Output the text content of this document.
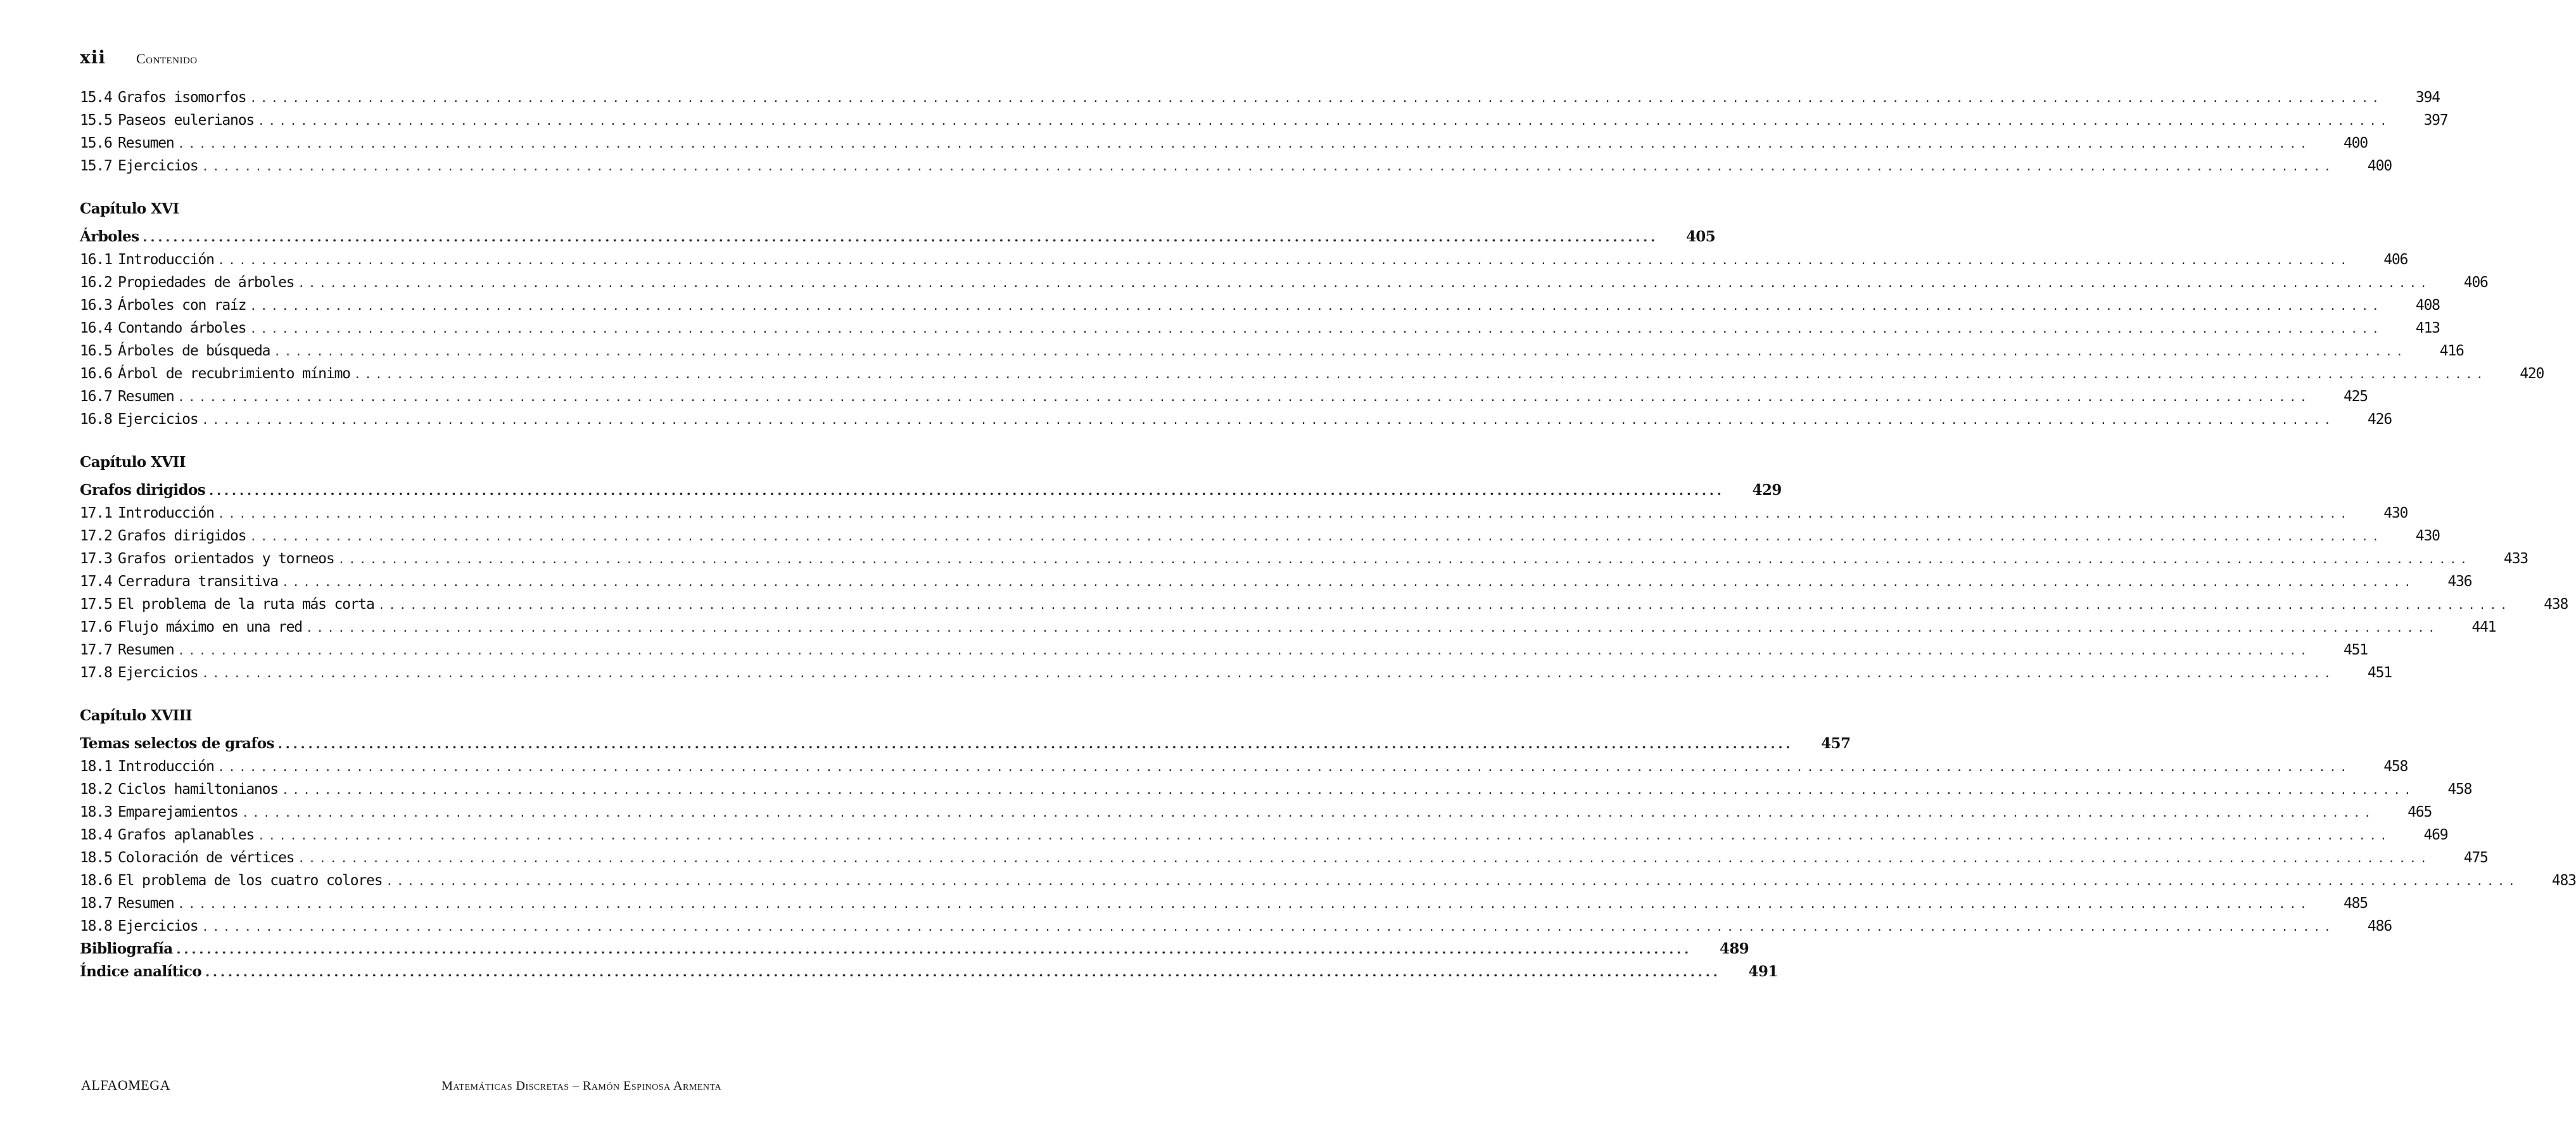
xii Contenido
15.4 Grafos isomorfos ........................................................................................................................................................................................................	394
15.5 Paseos eulerianos ........................................................................................................................................................................................................	397
15.6 Resumen ........................................................................................................................................................................................................	400
15.7 Ejercicios ........................................................................................................................................................................................................	400
Capítulo XVI
Árboles ........................................................................................................................................................................................................	405
16.1 Introducción ........................................................................................................................................................................................................	406
16.2 Propiedades de árboles ........................................................................................................................................................................................................	406
16.3 Árboles con raíz ........................................................................................................................................................................................................	408
16.4 Contando árboles ........................................................................................................................................................................................................	413
16.5 Árboles de búsqueda ........................................................................................................................................................................................................	416
16.6 Árbol de recubrimiento mínimo ........................................................................................................................................................................................................	420
16.7 Resumen ........................................................................................................................................................................................................	425
16.8 Ejercicios ........................................................................................................................................................................................................	426
Capítulo XVII
Grafos dirigidos ........................................................................................................................................................................................................	429
17.1 Introducción ........................................................................................................................................................................................................	430
17.2 Grafos dirigidos ........................................................................................................................................................................................................	430
17.3 Grafos orientados y torneos ........................................................................................................................................................................................................	433
17.4 Cerradura transitiva ........................................................................................................................................................................................................	436
17.5 El problema de la ruta más corta ........................................................................................................................................................................................................	438
17.6 Flujo máximo en una red ........................................................................................................................................................................................................	441
17.7 Resumen ........................................................................................................................................................................................................	451
17.8 Ejercicios ........................................................................................................................................................................................................	451
Capítulo XVIII
Temas selectos de grafos ........................................................................................................................................................................................................	457
18.1 Introducción ........................................................................................................................................................................................................	458
18.2 Ciclos hamiltonianos ........................................................................................................................................................................................................	458
18.3 Emparejamientos ........................................................................................................................................................................................................	465
18.4 Grafos aplanables ........................................................................................................................................................................................................	469
18.5 Coloración de vértices ........................................................................................................................................................................................................	475
18.6 El problema de los cuatro colores ........................................................................................................................................................................................................	483
18.7 Resumen ........................................................................................................................................................................................................	485
18.8 Ejercicios ........................................................................................................................................................................................................	486
Bibliografía ........................................................................................................................................................................................................	489
Índice analítico ........................................................................................................................................................................................................	491
ALFAOMEGA	Matemáticas Discretas – Ramón Espinosa Armenta
